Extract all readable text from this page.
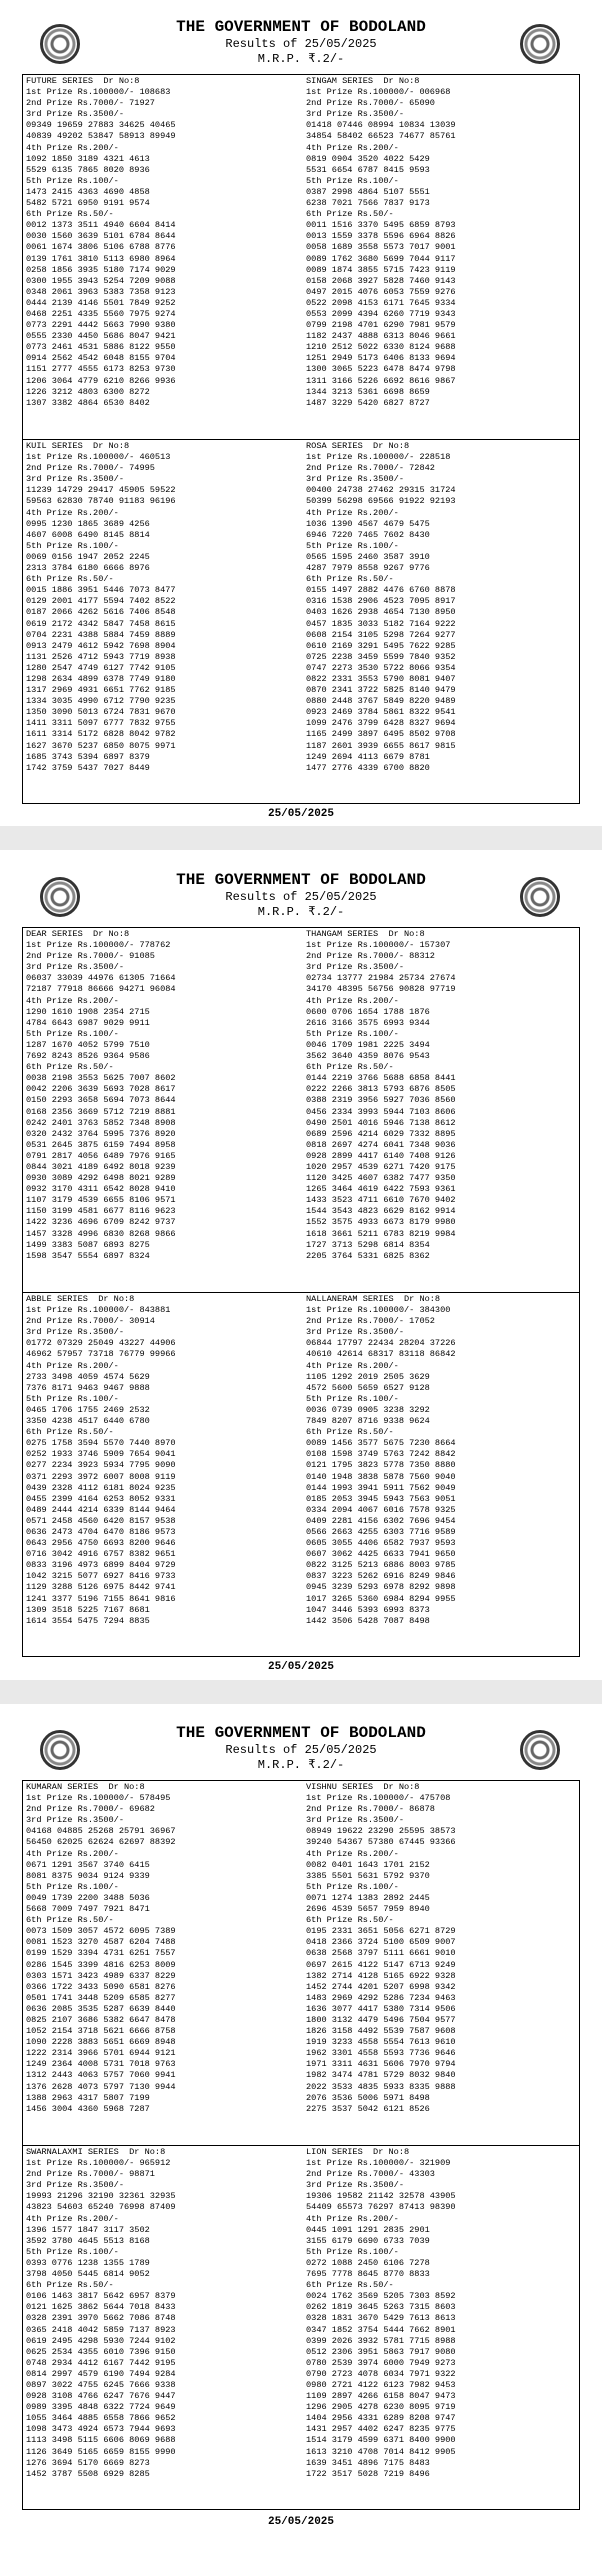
THE GOVERNMENT OF BODOLAND
Results of 25/05/2025
M.R.P. ₹.2/-
FUTURE SERIES  Dr No:8
1st Prize Rs.100000/- 108683
2nd Prize Rs.7000/- 71927
3rd Prize Rs.3500/-
09349 19659 27883 34625 40465
40839 49202 53847 58913 89949
4th Prize Rs.200/-
1092 1850 3189 4321 4613
5529 6135 7865 8020 8936
5th Prize Rs.100/-
1473 2415 4363 4690 4858
5482 5721 6950 9191 9574
6th Prize Rs.50/-
0012 1373 3511 4940 6604 8414
0030 1560 3639 5101 6784 8644
0061 1674 3806 5106 6788 8776
0139 1761 3810 5113 6980 8964
0258 1856 3935 5180 7174 9029
0300 1955 3943 5254 7209 9088
0348 2061 3963 5383 7358 9123
0444 2139 4146 5501 7849 9252
0468 2251 4335 5560 7975 9274
0773 2291 4442 5663 7990 9380
0555 2330 4450 5686 8047 9421
0773 2461 4531 5886 8122 9550
0914 2562 4542 6048 8155 9704
1151 2777 4555 6173 8253 9730
1206 3064 4779 6210 8266 9936
1226 3212 4803 6300 8272
1307 3382 4864 6530 8402
SINGAM SERIES  Dr No:8
1st Prize Rs.100000/- 006968
2nd Prize Rs.7000/- 65090
3rd Prize Rs.3500/-
01418 07446 08994 10834 13039
34854 58402 66523 74677 85761
4th Prize Rs.200/-
0819 0904 3520 4022 5429
5531 6654 6787 8415 9593
5th Prize Rs.100/-
0387 2998 4864 5107 5551
6238 7021 7566 7837 9173
6th Prize Rs.50/-
0011 1516 3370 5495 6859 8793
0013 1559 3378 5596 6964 8826
0058 1689 3558 5573 7017 9001
0089 1762 3680 5699 7044 9117
0089 1874 3855 5715 7423 9119
0158 2068 3927 5828 7460 9143
0497 2015 4076 6053 7559 9276
0522 2098 4153 6171 7645 9334
0553 2099 4394 6260 7719 9343
0799 2198 4701 6290 7981 9579
1182 2437 4888 6313 8046 9661
1210 2512 5022 6330 8124 9688
1251 2949 5173 6406 8133 9694
1300 3065 5223 6478 8474 9798
1311 3166 5226 6692 8616 9867
1344 3213 5361 6698 8659
1487 3229 5420 6827 8727
KUIL SERIES  Dr No:8
1st Prize Rs.100000/- 460513
2nd Prize Rs.7000/- 74995
3rd Prize Rs.3500/-
11239 14729 29417 45905 59522
59563 62830 78740 91183 96196
4th Prize Rs.200/-
0995 1230 1865 3689 4256
4607 6008 6490 8145 8814
5th Prize Rs.100/-
0069 0156 1947 2052 2245
2313 3784 6180 6666 8976
6th Prize Rs.50/-
0015 1886 3951 5446 7073 8477
0129 2001 4177 5594 7402 8522
0187 2066 4262 5616 7406 8548
0619 2172 4342 5847 7458 8615
0704 2231 4388 5884 7459 8889
0913 2479 4612 5942 7698 8904
1131 2526 4712 5943 7719 8938
1280 2547 4749 6127 7742 9105
1298 2634 4899 6378 7749 9180
1317 2969 4931 6651 7762 9185
1334 3035 4990 6712 7790 9235
1350 3090 5013 6724 7831 9670
1411 3311 5097 6777 7832 9755
1611 3314 5172 6828 8042 9782
1627 3670 5237 6850 8075 9971
1685 3743 5394 6897 8379
1742 3759 5437 7027 8449
ROSA SERIES  Dr No:8
1st Prize Rs.100000/- 228518
2nd Prize Rs.7000/- 72842
3rd Prize Rs.3500/-
00400 24738 27462 29315 31724
50399 56298 69566 91922 92193
4th Prize Rs.200/-
1036 1390 4567 4679 5475
6946 7220 7465 7602 8430
5th Prize Rs.100/-
0565 1595 2460 3587 3910
4287 7979 8558 9267 9776
6th Prize Rs.50/-
0155 1497 2882 4476 6760 8878
0316 1538 2906 4523 7095 8917
0403 1626 2938 4654 7130 8950
0457 1835 3033 5182 7164 9222
0608 2154 3105 5298 7264 9277
0610 2169 3291 5495 7622 9285
0725 2238 3459 5599 7840 9352
0747 2273 3530 5722 8066 9354
0822 2331 3553 5790 8081 9407
0870 2341 3722 5825 8140 9479
0880 2448 3767 5849 8220 9489
0923 2469 3784 5861 8322 9541
1099 2476 3799 6428 8327 9694
1165 2499 3897 6495 8502 9708
1187 2601 3939 6655 8617 9815
1249 2694 4113 6679 8781
1477 2776 4339 6700 8820
25/05/2025
THE GOVERNMENT OF BODOLAND
Results of 25/05/2025
M.R.P. ₹.2/-
DEAR SERIES  Dr No:8
1st Prize Rs.100000/- 778762
2nd Prize Rs.7000/- 91085
3rd Prize Rs.3500/-
06037 33039 44976 61305 71664
72187 77918 86666 94271 96084
4th Prize Rs.200/-
1290 1610 1908 2354 2715
4784 6643 6987 9029 9911
5th Prize Rs.100/-
1287 1670 4052 5799 7510
7692 8243 8526 9364 9586
6th Prize Rs.50/-
0038 2198 3553 5625 7007 8602
0042 2206 3639 5693 7028 8617
0150 2293 3658 5694 7073 8644
0168 2356 3669 5712 7219 8881
0242 2401 3763 5852 7348 8908
0320 2432 3764 5995 7376 8920
0531 2645 3875 6159 7494 8958
0791 2817 4056 6489 7976 9165
0844 3021 4189 6492 8018 9239
0930 3089 4292 6498 8021 9289
0932 3170 4311 6542 8028 9410
1107 3179 4539 6655 8106 9571
1150 3199 4581 6677 8116 9623
1422 3236 4696 6709 8242 9737
1457 3328 4996 6830 8268 9866
1499 3383 5087 6893 8275
1598 3547 5554 6897 8324
THANGAM SERIES  Dr No:8
1st Prize Rs.100000/- 157307
2nd Prize Rs.7000/- 88312
3rd Prize Rs.3500/-
02734 13777 21984 25734 27674
34170 48395 56756 90828 97719
4th Prize Rs.200/-
0600 0706 1654 1788 1876
2616 3166 3575 6993 9344
5th Prize Rs.100/-
0046 1709 1981 2225 3494
3562 3640 4359 8076 9543
6th Prize Rs.50/-
0144 2219 3766 5688 6858 8441
0222 2266 3813 5793 6876 8505
0388 2319 3956 5927 7036 8560
0456 2334 3993 5944 7103 8606
0490 2501 4016 5946 7138 8612
0689 2596 4214 6029 7332 8895
0818 2697 4274 6041 7348 9036
0928 2899 4417 6140 7408 9126
1020 2957 4539 6271 7420 9175
1120 3425 4607 6382 7477 9350
1265 3464 4619 6422 7593 9361
1433 3523 4711 6610 7670 9402
1544 3543 4823 6629 8162 9914
1552 3575 4933 6673 8179 9980
1618 3661 5211 6783 8219 9984
1727 3713 5298 6814 8354
2205 3764 5331 6825 8362
ABBLE SERIES  Dr No:8
1st Prize Rs.100000/- 843881
2nd Prize Rs.7000/- 30914
3rd Prize Rs.3500/-
01772 07329 25049 43227 44906
46962 57957 73718 76779 99966
4th Prize Rs.200/-
2733 3498 4059 4574 5629
7376 8171 9463 9467 9888
5th Prize Rs.100/-
0465 1706 1755 2469 2532
3350 4238 4517 6440 6780
6th Prize Rs.50/-
0275 1758 3594 5570 7440 8970
0252 1933 3746 5909 7654 9041
0277 2234 3923 5934 7795 9090
0371 2293 3972 6007 8008 9119
0439 2328 4112 6181 8024 9235
0455 2399 4164 6253 8052 9331
0489 2444 4214 6339 8144 9464
0571 2458 4560 6420 8157 9538
0636 2473 4704 6470 8186 9573
0643 2956 4750 6693 8200 9646
0716 3042 4916 6757 8382 9651
0833 3196 4973 6899 8404 9729
1042 3215 5077 6927 8416 9733
1129 3288 5126 6975 8442 9741
1241 3377 5196 7155 8641 9816
1309 3518 5225 7167 8681
1614 3554 5475 7294 8835
NALLANERAM SERIES  Dr No:8
1st Prize Rs.100000/- 384300
2nd Prize Rs.7000/- 17052
3rd Prize Rs.3500/-
06844 17797 22434 28204 37226
40610 42614 68317 83118 86842
4th Prize Rs.200/-
1105 1292 2019 2505 3629
4572 5600 5659 6527 9128
5th Prize Rs.100/-
0036 0739 0905 3238 3292
7849 8207 8716 9338 9624
6th Prize Rs.50/-
0089 1456 3577 5675 7230 8664
0108 1598 3749 5763 7242 8842
0121 1795 3823 5778 7350 8880
0140 1948 3838 5878 7560 9040
0144 1993 3941 5911 7562 9049
0185 2053 3945 5943 7563 9051
0334 2094 4067 6016 7578 9325
0409 2281 4156 6302 7696 9454
0566 2663 4255 6303 7716 9589
0605 3055 4406 6582 7937 9593
0607 3062 4425 6633 7941 9650
0822 3125 5213 6886 8003 9785
0837 3223 5262 6916 8249 9846
0945 3239 5293 6978 8292 9898
1017 3265 5360 6984 8294 9955
1047 3446 5393 6993 8373
1442 3506 5428 7087 8498
25/05/2025
THE GOVERNMENT OF BODOLAND
Results of 25/05/2025
M.R.P. ₹.2/-
KUMARAN SERIES  Dr No:8
1st Prize Rs.100000/- 578495
2nd Prize Rs.7000/- 69682
3rd Prize Rs.3500/-
04168 04885 25268 25791 36967
56450 62025 62624 62697 88392
4th Prize Rs.200/-
0671 1291 3567 3740 6415
8081 8375 9034 9124 9339
5th Prize Rs.100/-
0049 1739 2200 3488 5036
5668 7009 7497 7921 8471
6th Prize Rs.50/-
0073 1509 3057 4572 6095 7389
0081 1523 3270 4587 6204 7488
0199 1529 3394 4731 6251 7557
0286 1545 3399 4816 6253 8009
0303 1571 3423 4989 6337 8229
0366 1722 3433 5090 6581 8276
0501 1741 3448 5209 6585 8277
0636 2085 3535 5287 6639 8440
0825 2107 3686 5382 6647 8478
1052 2154 3718 5621 6666 8758
1090 2228 3883 5651 6669 8948
1222 2314 3966 5701 6944 9121
1249 2364 4008 5731 7018 9763
1312 2443 4063 5757 7060 9941
1376 2628 4073 5797 7130 9944
1388 2963 4317 5807 7199
1456 3004 4360 5968 7287
VISHNU SERIES  Dr No:8
1st Prize Rs.100000/- 475708
2nd Prize Rs.7000/- 86878
3rd Prize Rs.3500/-
08949 19622 23290 25595 38573
39240 54367 57380 67445 93366
4th Prize Rs.200/-
0082 0401 1643 1701 2152
3385 5501 5631 5792 9370
5th Prize Rs.100/-
0071 1274 1383 2892 2445
2696 4539 5657 7959 8940
6th Prize Rs.50/-
0195 2331 3651 5056 6271 8729
0418 2366 3724 5100 6509 9007
0638 2568 3797 5111 6661 9010
0697 2615 4122 5147 6713 9249
1382 2714 4128 5165 6922 9328
1452 2744 4201 5207 6998 9342
1483 2969 4292 5286 7234 9463
1636 3077 4417 5380 7314 9506
1800 3132 4479 5496 7504 9577
1826 3158 4492 5539 7587 9608
1919 3233 4558 5554 7613 9610
1962 3301 4558 5593 7736 9646
1971 3311 4631 5606 7970 9794
1982 3474 4781 5729 8032 9840
2022 3533 4835 5933 8335 9888
2076 3536 5006 5971 8498
2275 3537 5042 6121 8526
SWARNALAXMI SERIES  Dr No:8
1st Prize Rs.100000/- 965912
2nd Prize Rs.7000/- 98871
3rd Prize Rs.3500/-
19993 21296 32190 32361 32935
43823 54603 65240 76998 87409
4th Prize Rs.200/-
1396 1577 1847 3117 3502
3592 3780 4645 5513 8168
5th Prize Rs.100/-
0393 0776 1238 1355 1789
3798 4050 5445 6814 9052
6th Prize Rs.50/-
0106 1463 3817 5642 6957 8379
0121 1625 3862 5644 7018 8433
0328 2391 3970 5662 7086 8748
0365 2418 4042 5859 7137 8923
0619 2495 4298 5930 7244 9102
0625 2534 4355 6010 7396 9150
0748 2934 4412 6167 7442 9195
0814 2997 4579 6190 7494 9284
0897 3022 4755 6245 7666 9338
0928 3108 4766 6247 7676 9447
0989 3395 4848 6322 7724 9649
1055 3464 4885 6558 7866 9652
1098 3473 4924 6573 7944 9693
1113 3498 5115 6606 8069 9688
1126 3649 5165 6659 8155 9990
1276 3694 5170 6669 8273
1452 3787 5508 6929 8285
LION SERIES  Dr No:8
1st Prize Rs.100000/- 321909
2nd Prize Rs.7000/- 43303
3rd Prize Rs.3500/-
19306 19582 21142 32578 43905
54409 65573 76297 87413 98390
4th Prize Rs.200/-
0445 1091 1291 2835 2901
3155 6179 6690 6733 7039
5th Prize Rs.100/-
0272 1088 2450 6106 7278
7695 7778 8645 8770 8833
6th Prize Rs.50/-
0024 1762 3569 5205 7303 8592
0262 1819 3645 5263 7315 8603
0328 1831 3670 5429 7613 8613
0347 1852 3754 5444 7662 8901
0399 2026 3932 5781 7715 8988
0512 2306 3951 5863 7917 9080
0780 2539 3974 6000 7949 9273
0790 2723 4078 6034 7971 9322
0980 2721 4122 6123 7982 9453
1109 2897 4266 6158 8047 9473
1296 2905 4278 6230 8095 9719
1404 2956 4331 6289 8208 9747
1431 2957 4402 6247 8235 9775
1514 3179 4599 6371 8400 9900
1613 3210 4708 7014 8412 9905
1639 3451 4896 7175 8483
1722 3517 5028 7219 8496
25/05/2025
